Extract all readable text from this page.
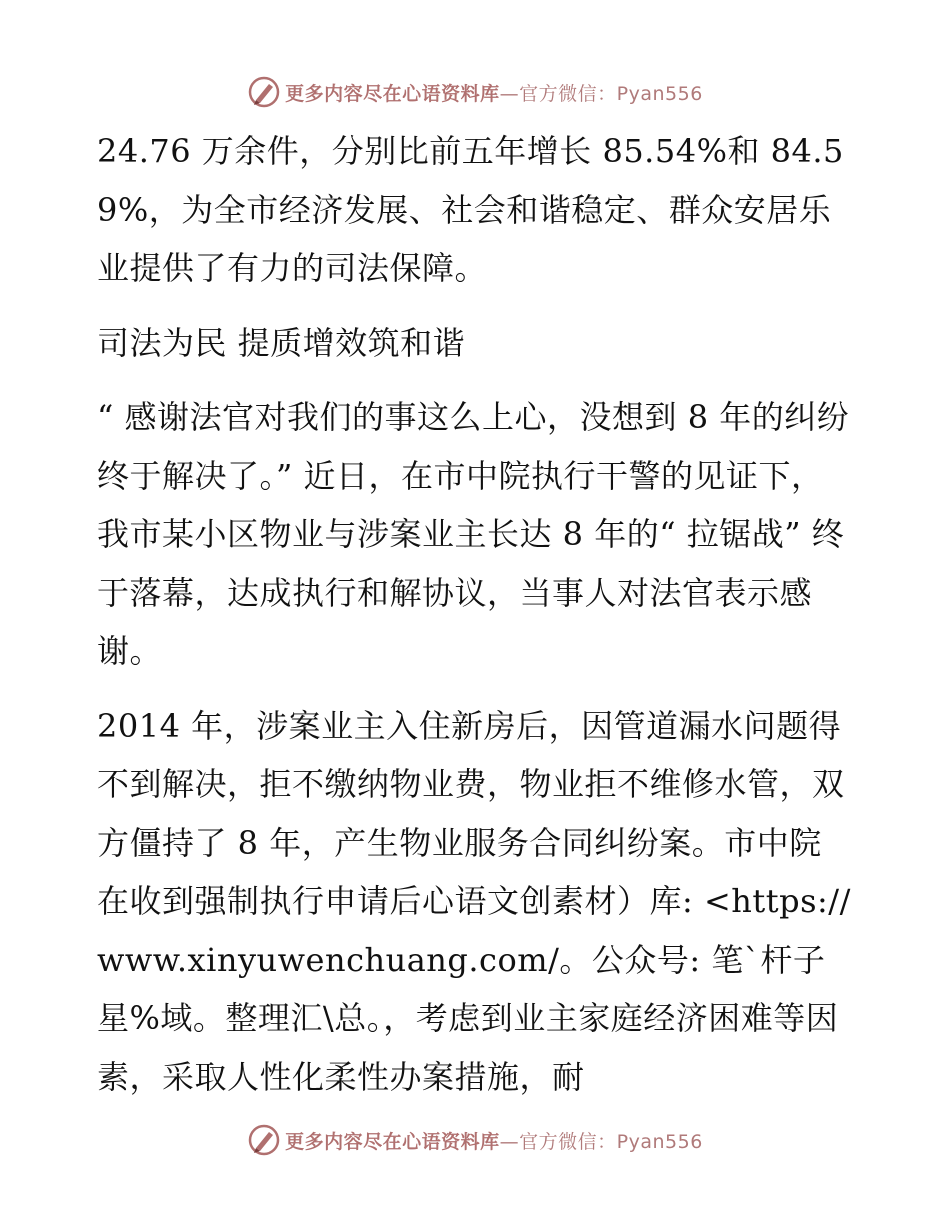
更多内容尽在心语资料库—官方微信：Pyan556

24.76 万余件，分别比前五年增长 85.54%和 84.59%，为全市经济发展、社会和谐稳定、群众安居乐业提供了有力的司法保障。

司法为民 提质增效筑和谐

“ 感谢法官对我们的事这么上心，没想到 8 年的纠纷终于解决了。” 近日，在市中院执行干警的见证下，我市某小区物业与涉案业主长达 8 年的“ 拉锯战” 终于落幕，达成执行和解协议，当事人对法官表示感谢。

2014 年，涉案业主入住新房后，因管道漏水问题得不到解决，拒不缴纳物业费，物业拒不维修水管，双方僵持了 8 年，产生物业服务合同纠纷案。市中院在收到强制执行申请后心语文创素材）库: <https://www.xinyuwenchuang.com/。公众号: 笔`杆子星%域。整理汇\总。，考虑到业主家庭经济困难等因素，采取人性化柔性办案措施，耐

更多内容尽在心语资料库—官方微信：Pyan556
